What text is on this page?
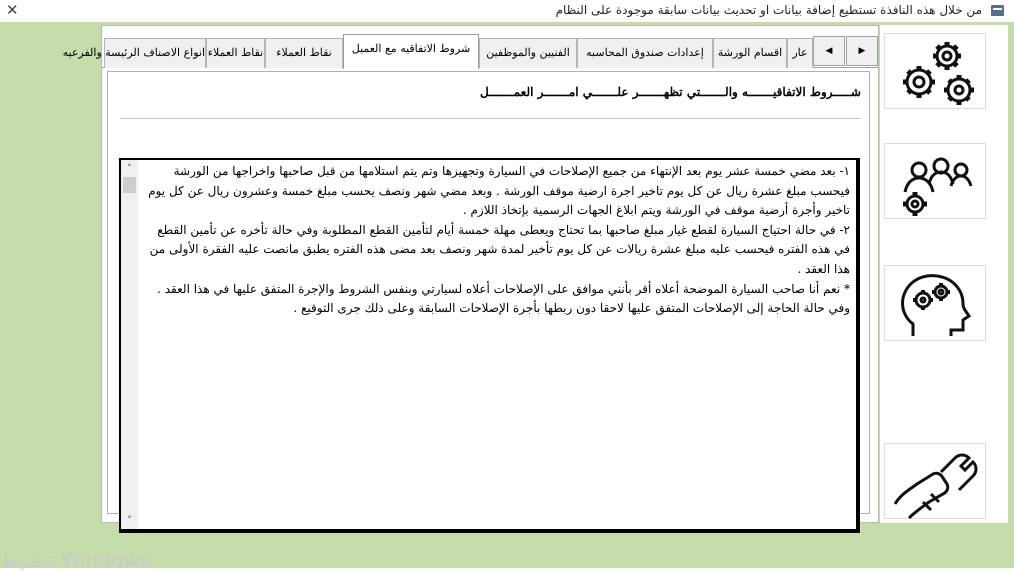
✕	من خلال هذه النافذة تستطيع إضافة بيانات او تحديث بيانات سابقة موجودة على النظام
انواع الاصناف الرئيسة والفرعيه	نقاط العملاء	شروط الاتفاقيه مع العميل	الفنيين والموظفين	إعدادات صندوق المحاسبه	اقسام الورشة عار
نقاط العملاء	◀	▶
شـــــروط الاتفاقيـــــــه والـــــــتي تظهـــــــر علـــــــي امـــــــر العمـــــــل
˄
˅

١- بعد مضي خمسة عشر يوم بعد الإنتهاء من جميع الإصلاحات في السيارة وتجهيزها وتم يتم استلامها من قبل صاحبها واخراجها من الورشة فيحسب مبلغ عشرة ريال عن كل يوم تاخير اجرة ارضية موقف الورشة . وبعد مضي شهر ونصف يحسب مبلغ خمسة وعشرون ريال عن كل يوم تاخير وأجرة أرضية موقف في الورشة ويتم ابلاغ الجهات الرسمية بإتخاذ اللازم .

٢- في حالة احتياج السيارة لقطع غيار مبلغ صاحبها بما تحتاج ويعطى مهلة خمسة أيام لتأمين القطع المطلوبة وفي حالة تأخره عن تأمين القطع في هذه الفتره فيحسب عليه مبلغ عشرة ريالات عن كل يوم تأخير لمدة شهر ونصف بعد مضى هذه الفتره يطبق مانصت عليه الفقرة الأولى من هذا العقد .

* نعم أنا صاحب السيارة الموضحة أعلاه أقر بأنني موافق على الإصلاحات أعلاه لسيارتي وبنفس الشروط والإجرة المتفق عليها في هذا العقد . وفي حالة الحاجة إلى الإصلاحات المتفق عليها لاحقا دون ربطها بأجرة الإصلاحات السابقة وعلى ذلك جرى التوقيع .

تنشيط Windows
